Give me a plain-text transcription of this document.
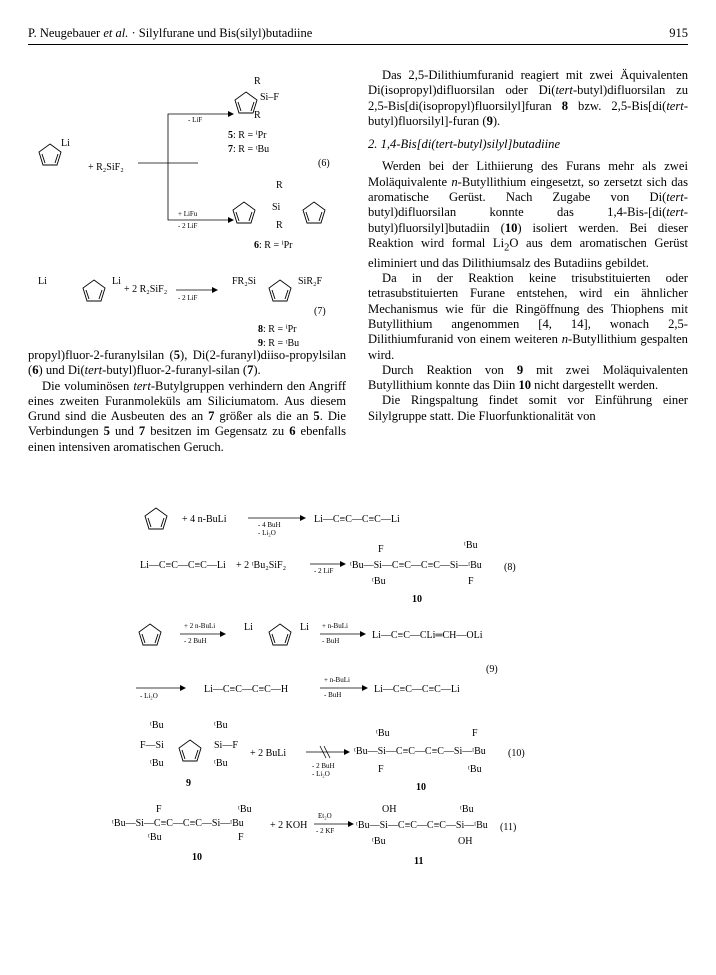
P. Neugebauer et al. · Silylfurane und Bis(silyl)butadiine	915
Li
+ R₂SiF₂
- LiF
+ LiFu
- 2 LiF
R
Si–F
R
5: R = ⁱPr
7: R = ᵗBu
(6)
R
Si
R
6: R = ⁱPr
Li	Li
+ 2 R₂SiF₂
- 2 LiF
FR₂Si	SiR₂F
(7)
8: R = ⁱPr
9: R = ᵗBu

propyl)fluor-2-furanylsilan (5), Di(2-furanyl)diiso-propylsilan (6) und Di(tert-butyl)fluor-2-furanyl-silan (7).

Die voluminösen tert-Butylgruppen verhindern den Angriff eines zweiten Furanmoleküls am Siliciumatom. Aus diesem Grund sind die Ausbeuten des an 7 größer als die an 5. Die Verbindungen 5 und 7 besitzen im Gegensatz zu 6 ebenfalls einen intensiven aromatischen Geruch.

Das 2,5-Dilithiumfuranid reagiert mit zwei Äquivalenten Di(isopropyl)difluorsilan oder Di(tert-butyl)difluorsilan zu 2,5-Bis[di(isopropyl)fluorsilyl]furan 8 bzw. 2,5-Bis[di(tert-butyl)fluorsilyl]-furan (9).

2. 1,4-Bis[di(tert-butyl)silyl]butadiine

Werden bei der Lithiierung des Furans mehr als zwei Moläquivalente n-Butyllithium eingesetzt, so zersetzt sich das aromatische Gerüst. Nach Zugabe von Di(tert-butyl)difluorsilan konnte das 1,4-Bis-[di(tert-butyl)fluorsilyl]butadiin (10) isoliert werden. Bei dieser Reaktion wird formal $Li_2O$ aus dem aromatischen Gerüst eliminiert und das Dilithiumsalz des Butadiins gebildet.

Da in der Reaktion keine trisubstituierten oder tetrasubstituierten Furane entstehen, wird ein ähnlicher Mechanismus wie für die Ringöffnung des Thiophens mit Butyllithium angenommen [4, 14], wonach 2,5-Dilithiumfuranid von einem weiteren n-Butyllithium gespalten wird.

Durch Reaktion von 9 mit zwei Moläquivalenten Butyllithium konnte das Diin 10 nicht dargestellt werden.

Die Ringspaltung findet somit vor Einführung einer Silylgruppe statt. Die Fluorfunktionalität von

+ 4 n-BuLi	- 4 BuH
- Li₂O
Li—C≡C—C≡C—Li
Li—C≡C—C≡C—Li + 2 ᵗBu₂SiF₂	- 2 LiF
F	ᵗBu
ᵗBu—Si—C≡C—C≡C—Si—ᵗBu
ᵗBu	F
(8)
10
+ 2 n-BuLi
- 2 BuH
Li	Li + n-BuLi
- BuH	Li—C≡C—CLi═CH—OLi
(9)
- Li₂O
Li—C≡C—C≡C—H
+ n-BuLi
- BuH	Li—C≡C—C≡C—Li
ᵗBu	ᵗBu
F—Si	Si—F
ᵗBu	ᵗBu
9
+ 2 BuLi
- 2 BuH
- Li₂O
ᵗBu	F
ᵗBu—Si—C≡C—C≡C—Si—ᵗBu
F	ᵗBu
(10)
10
F	ᵗBu
ᵗBu—Si—C≡C—C≡C—Si—ᵗBu
ᵗBu	F
+ 2 KOH
Et₂O
- 2 KF
OH	ᵗBu
ᵗBu—Si—C≡C—C≡C—Si—ᵗBu
ᵗBu	OH
(11)
10	11
